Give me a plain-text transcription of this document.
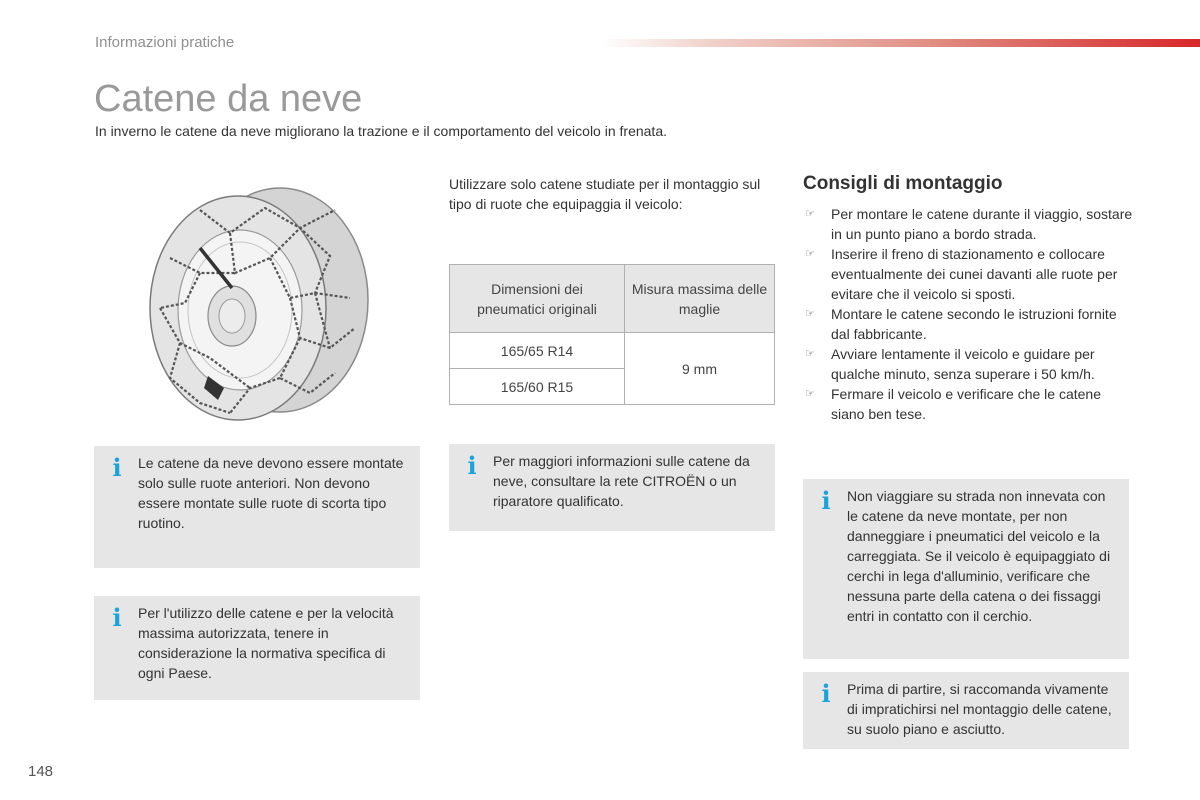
Informazioni pratiche
Catene da neve
In inverno le catene da neve migliorano la trazione e il comportamento del veicolo in frenata.
Utilizzare solo catene studiate per il montaggio sul tipo di ruote che equipaggia il veicolo:
Dimensioni dei pneumatici originali	Misura massima delle maglie
165/65 R14	9 mm
165/60 R15	
i Le catene da neve devono essere montate solo sulle ruote anteriori. Non devono essere montate sulle ruote di scorta tipo ruotino.
i Per l'utilizzo delle catene e per la velocità massima autorizzata, tenere in considerazione la normativa specifica di ogni Paese.
i Per maggiori informazioni sulle catene da neve, consultare la rete CITROËN o un riparatore qualificato.
Consigli di montaggio
☞ Per montare le catene durante il viaggio, sostare in un punto piano a bordo strada.
☞ Inserire il freno di stazionamento e collocare eventualmente dei cunei davanti alle ruote per evitare che il veicolo si sposti.
☞ Montare le catene secondo le istruzioni fornite dal fabbricante.
☞ Avviare lentamente il veicolo e guidare per qualche minuto, senza superare i 50 km/h.
☞ Fermare il veicolo e verificare che le catene siano ben tese.
i Non viaggiare su strada non innevata con le catene da neve montate, per non danneggiare i pneumatici del veicolo e la carreggiata. Se il veicolo è equipaggiato di cerchi in lega d'alluminio, verificare che nessuna parte della catena o dei fissaggi entri in contatto con il cerchio.
i Prima di partire, si raccomanda vivamente di impratichirsi nel montaggio delle catene, su suolo piano e asciutto.
148
